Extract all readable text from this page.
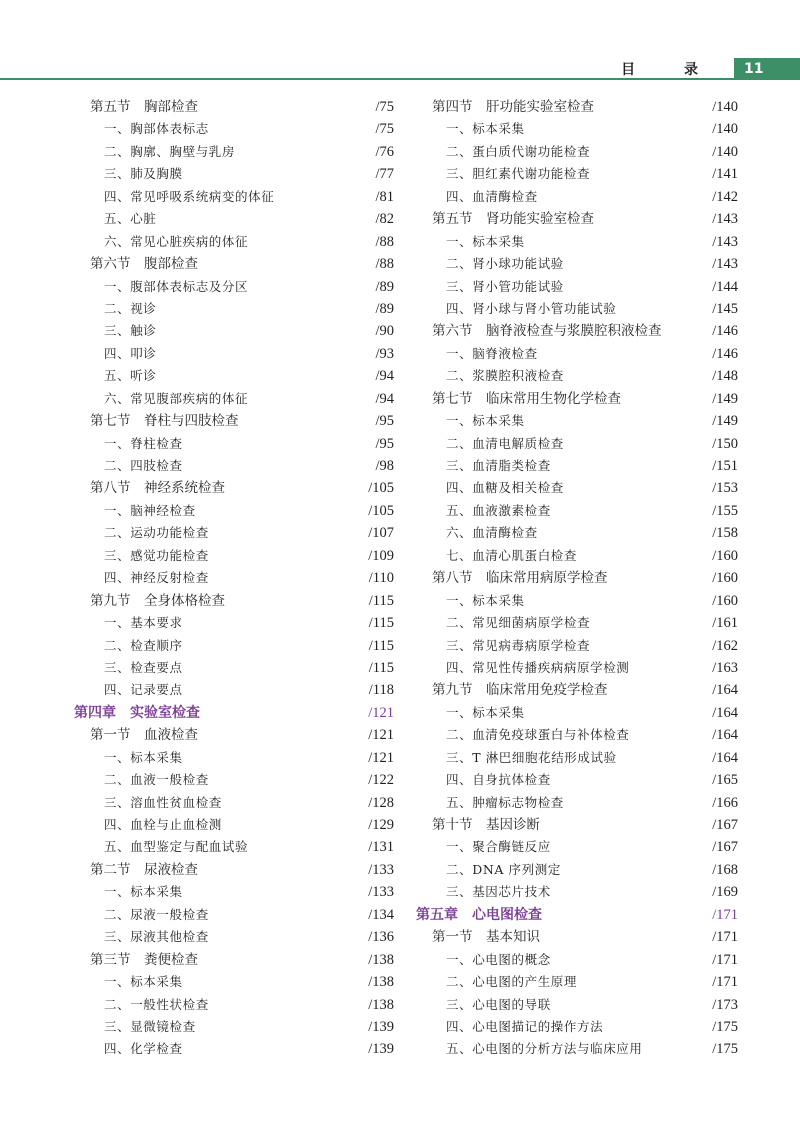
目 录	11
第五节　胸部检查	/75
一、胸部体表标志	/75
二、胸廓、胸壁与乳房	/76
三、肺及胸膜	/77
四、常见呼吸系统病变的体征	/81
五、心脏	/82
六、常见心脏疾病的体征	/88
第六节　腹部检查	/88
一、腹部体表标志及分区	/89
二、视诊	/89
三、触诊	/90
四、叩诊	/93
五、听诊	/94
六、常见腹部疾病的体征	/94
第七节　脊柱与四肢检查	/95
一、脊柱检查	/95
二、四肢检查	/98
第八节　神经系统检查	/105
一、脑神经检查	/105
二、运动功能检查	/107
三、感觉功能检查	/109
四、神经反射检查	/110
第九节　全身体格检查	/115
一、基本要求	/115
二、检查顺序	/115
三、检查要点	/115
四、记录要点	/118
第四章　实验室检查	/121
第一节　血液检查	/121
一、标本采集	/121
二、血液一般检查	/122
三、溶血性贫血检查	/128
四、血栓与止血检测	/129
五、血型鉴定与配血试验	/131
第二节　尿液检查	/133
一、标本采集	/133
二、尿液一般检查	/134
三、尿液其他检查	/136
第三节　粪便检查	/138
一、标本采集	/138
二、一般性状检查	/138
三、显微镜检查	/139
四、化学检查	/139
第四节　肝功能实验室检查	/140
一、标本采集	/140
二、蛋白质代谢功能检查	/140
三、胆红素代谢功能检查	/141
四、血清酶检查	/142
第五节　肾功能实验室检查	/143
一、标本采集	/143
二、肾小球功能试验	/143
三、肾小管功能试验	/144
四、肾小球与肾小管功能试验	/145
第六节　脑脊液检查与浆膜腔积液检查	/146
一、脑脊液检查	/146
二、浆膜腔积液检查	/148
第七节　临床常用生物化学检查	/149
一、标本采集	/149
二、血清电解质检查	/150
三、血清脂类检查	/151
四、血糖及相关检查	/153
五、血液激素检查	/155
六、血清酶检查	/158
七、血清心肌蛋白检查	/160
第八节　临床常用病原学检查	/160
一、标本采集	/160
二、常见细菌病原学检查	/161
三、常见病毒病原学检查	/162
四、常见性传播疾病病原学检测	/163
第九节　临床常用免疫学检查	/164
一、标本采集	/164
二、血清免疫球蛋白与补体检查	/164
三、T 淋巴细胞花结形成试验	/164
四、自身抗体检查	/165
五、肿瘤标志物检查	/166
第十节　基因诊断	/167
一、聚合酶链反应	/167
二、DNA 序列测定	/168
三、基因芯片技术	/169
第五章　心电图检查	/171
第一节　基本知识	/171
一、心电图的概念	/171
二、心电图的产生原理	/171
三、心电图的导联	/173
四、心电图描记的操作方法	/175
五、心电图的分析方法与临床应用	/175
